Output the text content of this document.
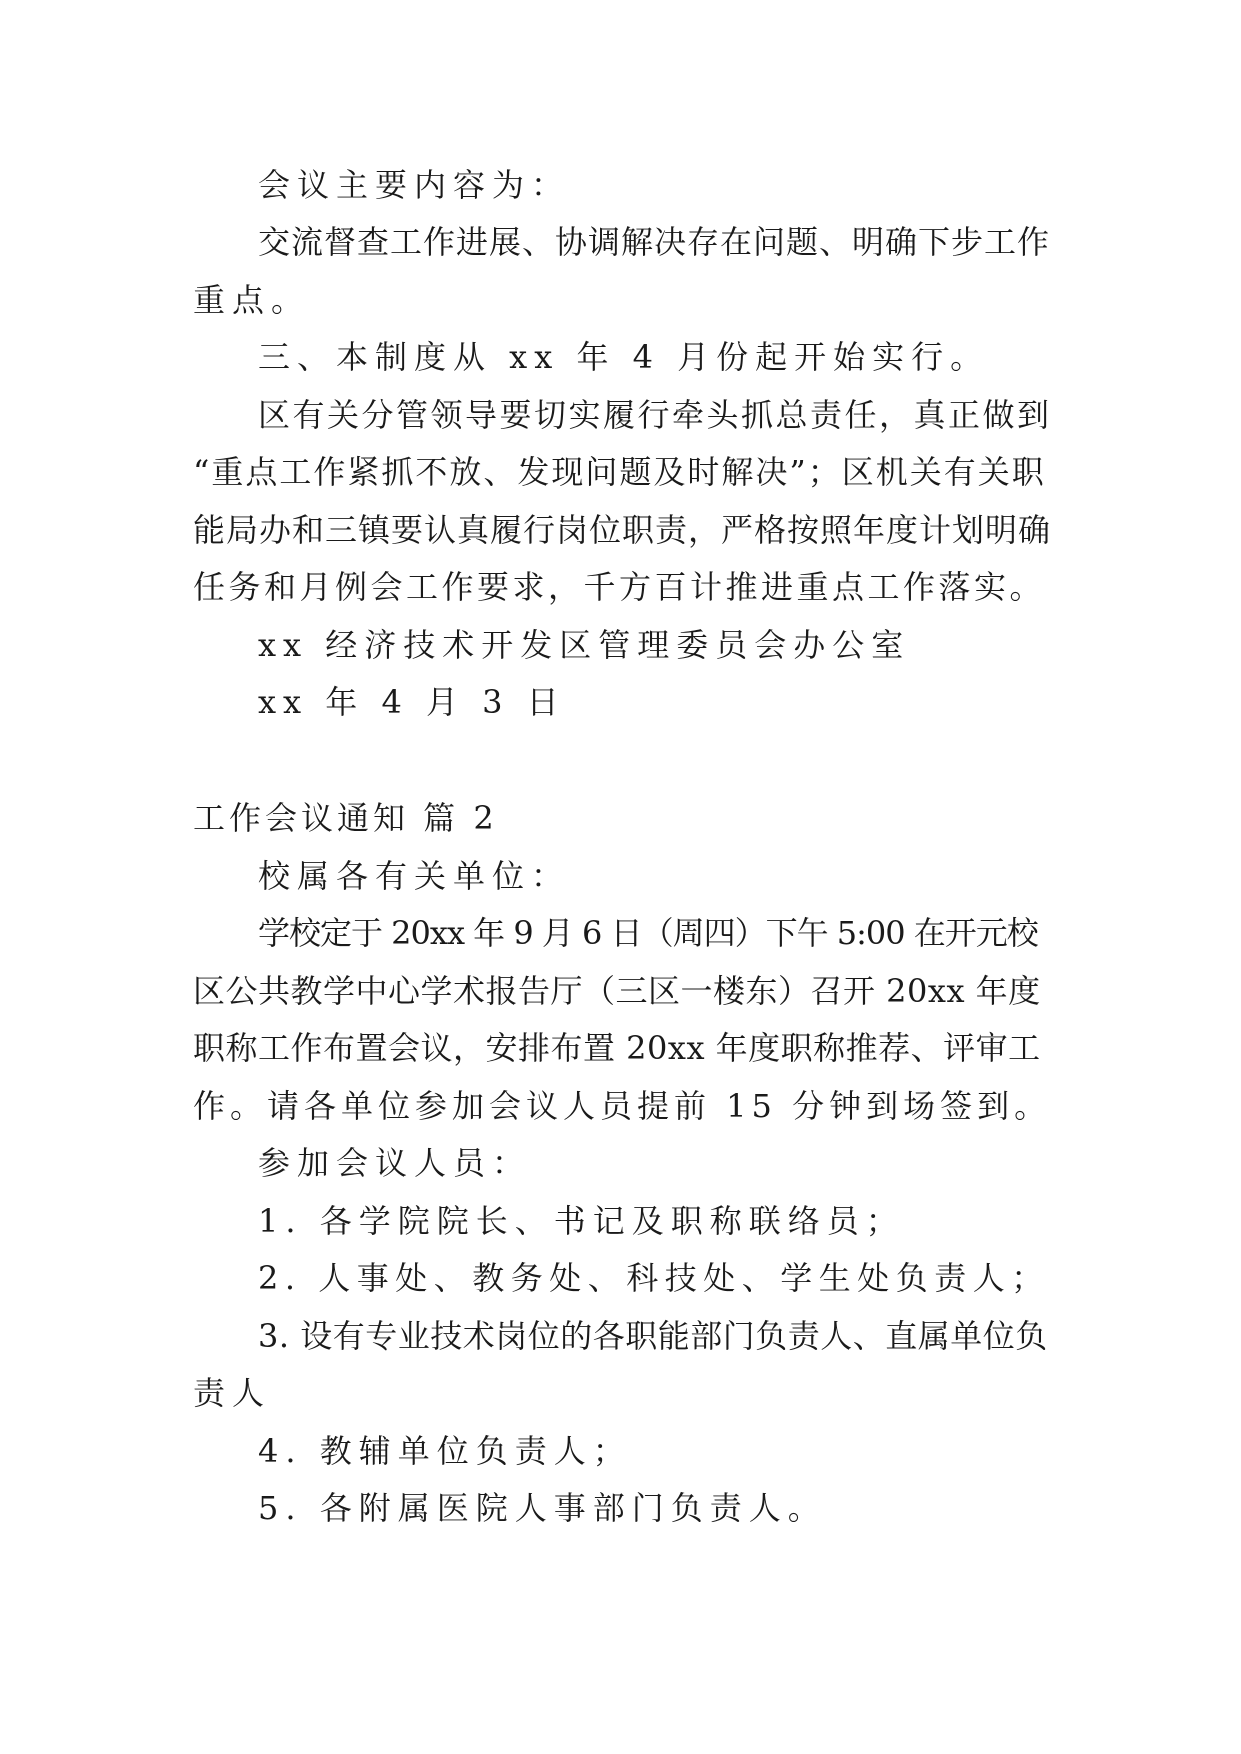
会议主要内容为：
交流督查工作进展、协调解决存在问题、明确下步工作
重点。
三、本制度从 xx 年 4 月份起开始实行。
区有关分管领导要切实履行牵头抓总责任，真正做到
“重点工作紧抓不放、发现问题及时解决”；区机关有关职
能局办和三镇要认真履行岗位职责，严格按照年度计划明确
任务和月例会工作要求，千方百计推进重点工作落实。
xx 经济技术开发区管理委员会办公室
xx 年 4 月 3 日
工作会议通知 篇 2
校属各有关单位：
学校定于 20xx 年 9 月 6 日（周四）下午 5:00 在开元校
区公共教学中心学术报告厅（三区一楼东）召开 20xx 年度
职称工作布置会议，安排布置 20xx 年度职称推荐、评审工
作。请各单位参加会议人员提前 15 分钟到场签到。
参加会议人员：
1. 各学院院长、书记及职称联络员；
2. 人事处、教务处、科技处、学生处负责人；
3. 设有专业技术岗位的各职能部门负责人、直属单位负
责人
4. 教辅单位负责人；
5. 各附属医院人事部门负责人。
